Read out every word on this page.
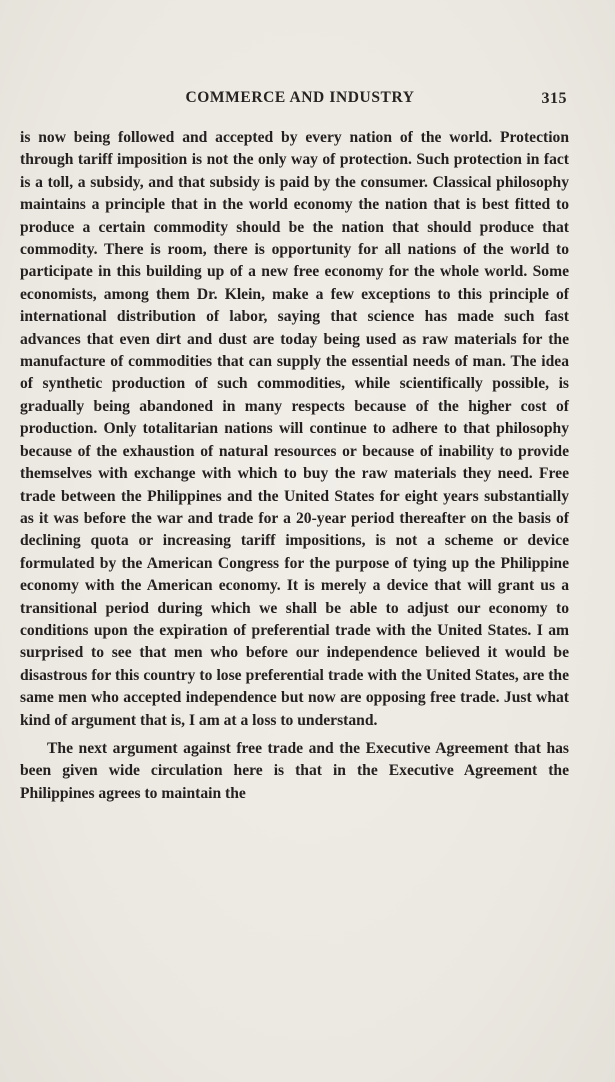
COMMERCE AND INDUSTRY	315

is now being followed and accepted by every nation of the world. Protection through tariff imposition is not the only way of protection. Such protection in fact is a toll, a subsidy, and that subsidy is paid by the consumer. Classical philosophy maintains a principle that in the world economy the nation that is best fitted to produce a certain commodity should be the nation that should produce that commodity. There is room, there is opportunity for all nations of the world to participate in this building up of a new free economy for the whole world. Some economists, among them Dr. Klein, make a few exceptions to this principle of international distribution of labor, saying that science has made such fast advances that even dirt and dust are today being used as raw materials for the manufacture of commodities that can supply the essential needs of man. The idea of synthetic production of such commodities, while scientifically possible, is gradually being abandoned in many respects because of the higher cost of production. Only totalitarian nations will continue to adhere to that philosophy because of the exhaustion of natural resources or because of inability to provide themselves with exchange with which to buy the raw materials they need. Free trade between the Philippines and the United States for eight years substantially as it was before the war and trade for a 20-year period thereafter on the basis of declining quota or increasing tariff impositions, is not a scheme or device formulated by the American Congress for the purpose of tying up the Philippine economy with the American economy. It is merely a device that will grant us a transitional period during which we shall be able to adjust our economy to conditions upon the expiration of preferential trade with the United States. I am surprised to see that men who before our independence believed it would be disastrous for this country to lose preferential trade with the United States, are the same men who accepted independence but now are opposing free trade. Just what kind of argument that is, I am at a loss to understand.

The next argument against free trade and the Executive Agreement that has been given wide circulation here is that in the Executive Agreement the Philippines agrees to maintain the
